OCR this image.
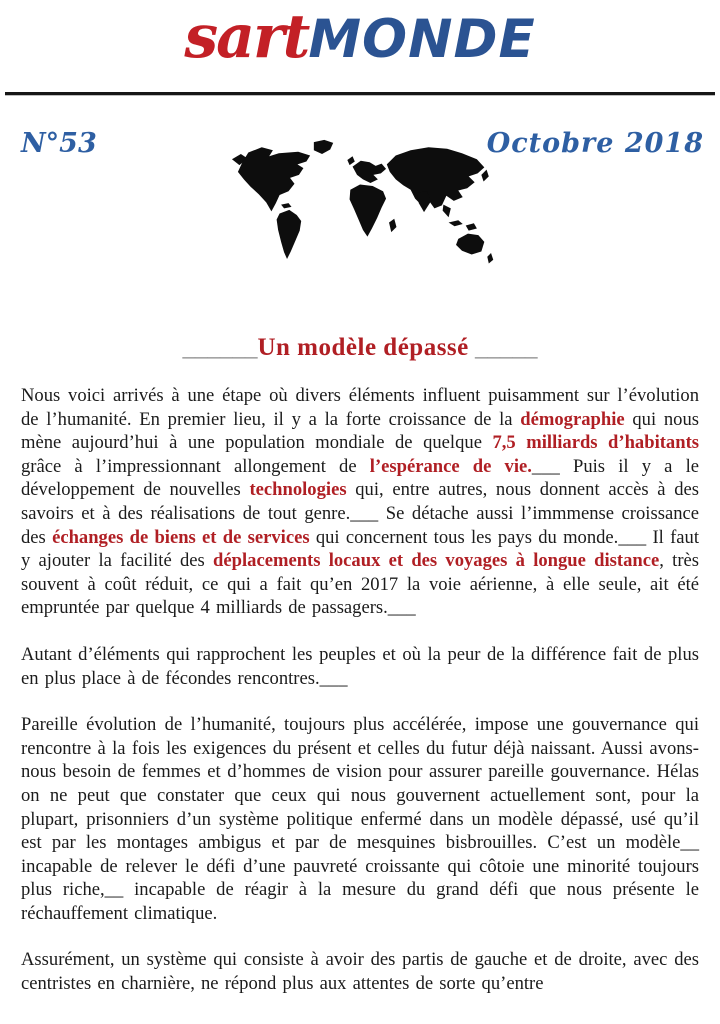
sartMONDE
N°53	Octobre 2018
______Un modèle dépassé _____

Nous voici arrivés à une étape où divers éléments influent puisamment sur l’évolution de l’humanité. En premier lieu, il y a la forte croissance de la démographie qui nous mène aujourd’hui à une population mondiale de quelque 7,5 milliards d’habitants grâce à l’impressionnant allongement de l’espérance de vie.___ Puis il y a le développement de nouvelles technologies qui, entre autres, nous donnent accès à des savoirs et à des réalisations de tout genre.___ Se détache aussi l’immmense croissance des échanges de biens et de services qui concernent tous les pays du monde.___ Il faut y ajouter la facilité des déplacements locaux et des voyages à longue distance, très souvent à coût réduit, ce qui a fait qu’en 2017 la voie aérienne, à elle seule, ait été empruntée par quelque 4 milliards de passagers.___

Autant d’éléments qui rapprochent les peuples et où la peur de la différence fait de plus en plus place à de fécondes rencontres.___

Pareille évolution de l’humanité, toujours plus accélérée, impose une gouvernance qui rencontre à la fois les exigences du présent et celles du futur déjà naissant. Aussi avons-nous besoin de femmes et d’hommes de vision pour assurer pareille gouvernance. Hélas on ne peut que constater que ceux qui nous gouvernent actuellement sont, pour la plupart, prisonniers d’un système politique enfermé dans un modèle dépassé, usé qu’il est par les montages ambigus et par de mesquines bisbrouilles. C’est un modèle__ incapable de relever le défi d’une pauvreté croissante qui côtoie une minorité toujours plus riche,__ incapable de réagir à la mesure du grand défi que nous présente le réchauffement climatique.

Assurément, un système qui consiste à avoir des partis de gauche et de droite, avec des centristes en charnière, ne répond plus aux attentes de sorte qu’entre
